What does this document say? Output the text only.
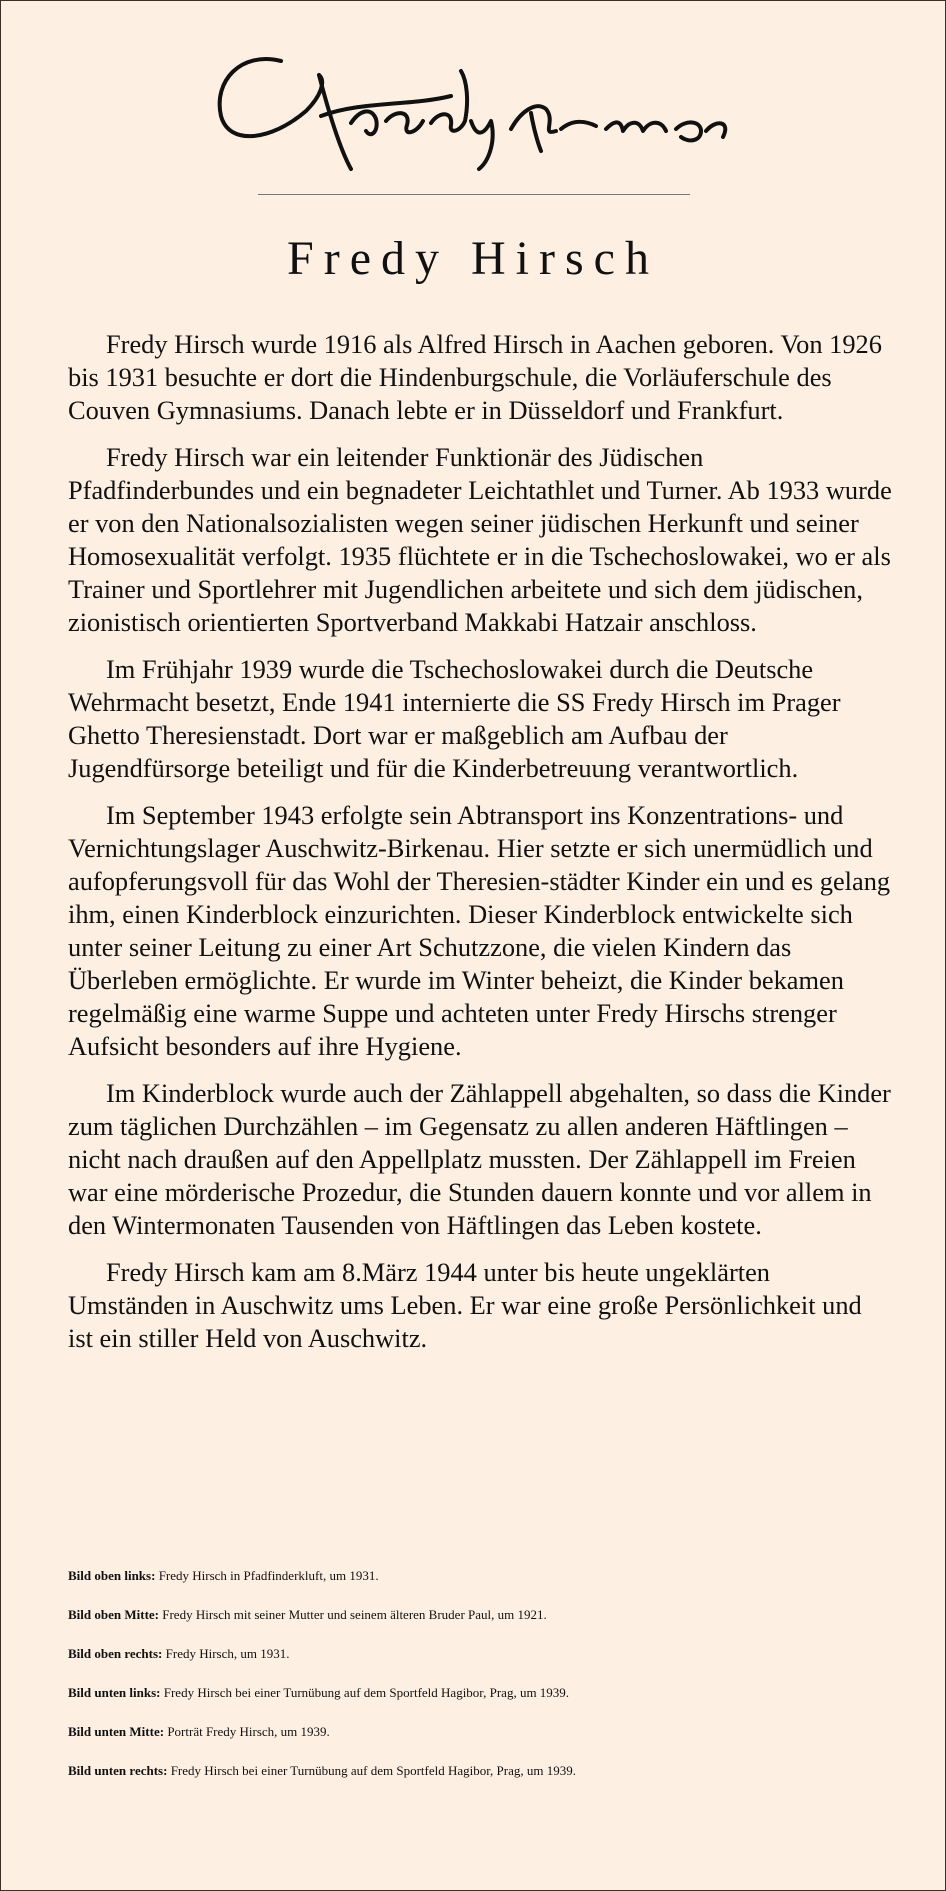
Fredy Hirsch

Fredy Hirsch wurde 1916 als Alfred Hirsch in Aachen geboren. Von 1926 bis 1931 besuchte er dort die Hindenburgschule, die Vorläuferschule des Couven Gymnasiums. Danach lebte er in Düsseldorf und Frankfurt.

Fredy Hirsch war ein leitender Funktionär des Jüdischen Pfadfinderbundes und ein begnadeter Leichtathlet und Turner. Ab 1933 wurde er von den Nationalsozialisten wegen seiner jüdischen Herkunft und seiner Homosexualität verfolgt. 1935 flüchtete er in die Tschechoslowakei, wo er als Trainer und Sportlehrer mit Jugendlichen arbeitete und sich dem jüdischen, zionistisch orientierten Sportverband Makkabi Hatzair anschloss.

Im Frühjahr 1939 wurde die Tschechoslowakei durch die Deutsche Wehrmacht besetzt, Ende 1941 internierte die SS Fredy Hirsch im Prager Ghetto Theresienstadt. Dort war er maßgeblich am Aufbau der Jugendfürsorge beteiligt und für die Kinderbetreuung verantwortlich.

Im September 1943 erfolgte sein Abtransport ins Konzentrations- und Vernichtungslager Auschwitz-Birkenau. Hier setzte er sich unermüdlich und aufopferungsvoll für das Wohl der Theresien-städter Kinder ein und es gelang ihm, einen Kinderblock einzurichten. Dieser Kinderblock entwickelte sich unter seiner Leitung zu einer Art Schutzzone, die vielen Kindern das Überleben ermöglichte. Er wurde im Winter beheizt, die Kinder bekamen regelmäßig eine warme Suppe und achteten unter Fredy Hirschs strenger Aufsicht besonders auf ihre Hygiene.

Im Kinderblock wurde auch der Zählappell abgehalten, so dass die Kinder zum täglichen Durchzählen – im Gegensatz zu allen anderen Häftlingen – nicht nach draußen auf den Appellplatz mussten. Der Zählappell im Freien war eine mörderische Prozedur, die Stunden dauern konnte und vor allem in den Wintermonaten Tausenden von Häftlingen das Leben kostete.

Fredy Hirsch kam am 8.März 1944 unter bis heute ungeklärten Umständen in Auschwitz ums Leben. Er war eine große Persönlichkeit und ist ein stiller Held von Auschwitz.

Bild oben links: Fredy Hirsch in Pfadfinderkluft, um 1931.
Bild oben Mitte: Fredy Hirsch mit seiner Mutter und seinem älteren Bruder Paul, um 1921.
Bild oben rechts: Fredy Hirsch, um 1931.
Bild unten links: Fredy Hirsch bei einer Turnübung auf dem Sportfeld Hagibor, Prag, um 1939.
Bild unten Mitte: Porträt Fredy Hirsch, um 1939.
Bild unten rechts: Fredy Hirsch bei einer Turnübung auf dem Sportfeld Hagibor, Prag, um 1939.
